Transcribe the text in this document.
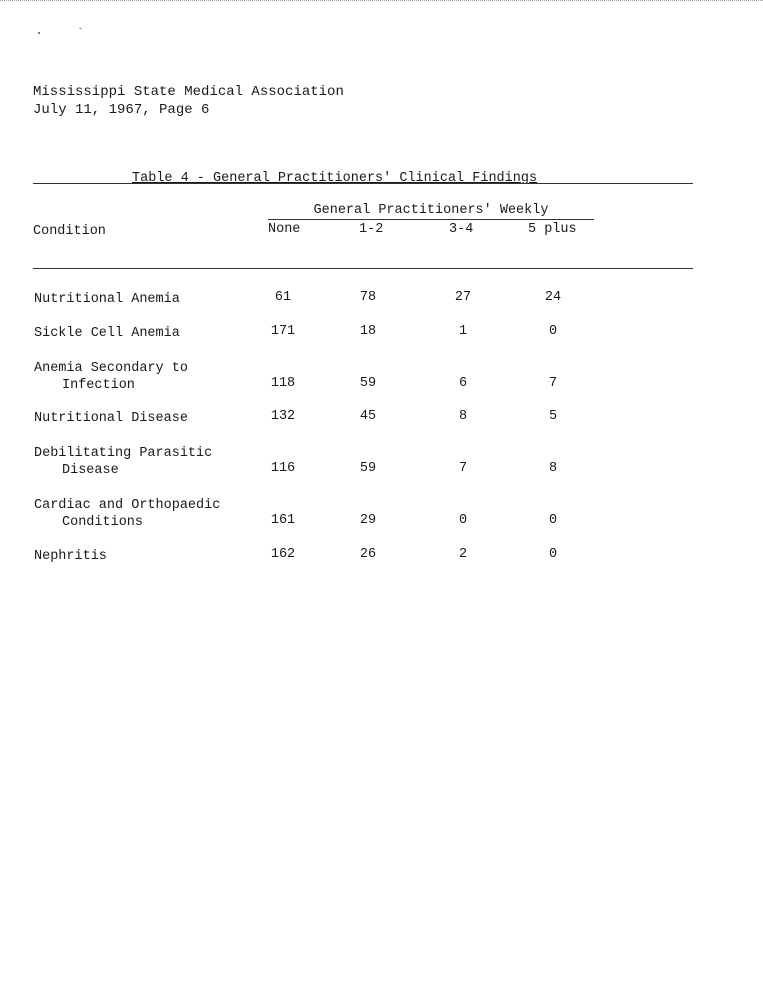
Mississippi State Medical Association
July 11, 1967, Page 6
Table 4 - General Practitioners' Clinical Findings
General Practitioners' Weekly
Condition	None	1-2	3-4	5 plus
Nutritional Anemia	61	78	27	24
Sickle Cell Anemia	171	18	1	0
Anemia Secondary to

Infection	118	59	6	7
Nutritional Disease	132	45	8	5
Debilitating Parasitic

Disease	116	59	7	8
Cardiac and Orthopaedic

Conditions	161	29	0	0
Nephritis	162	26	2	0
